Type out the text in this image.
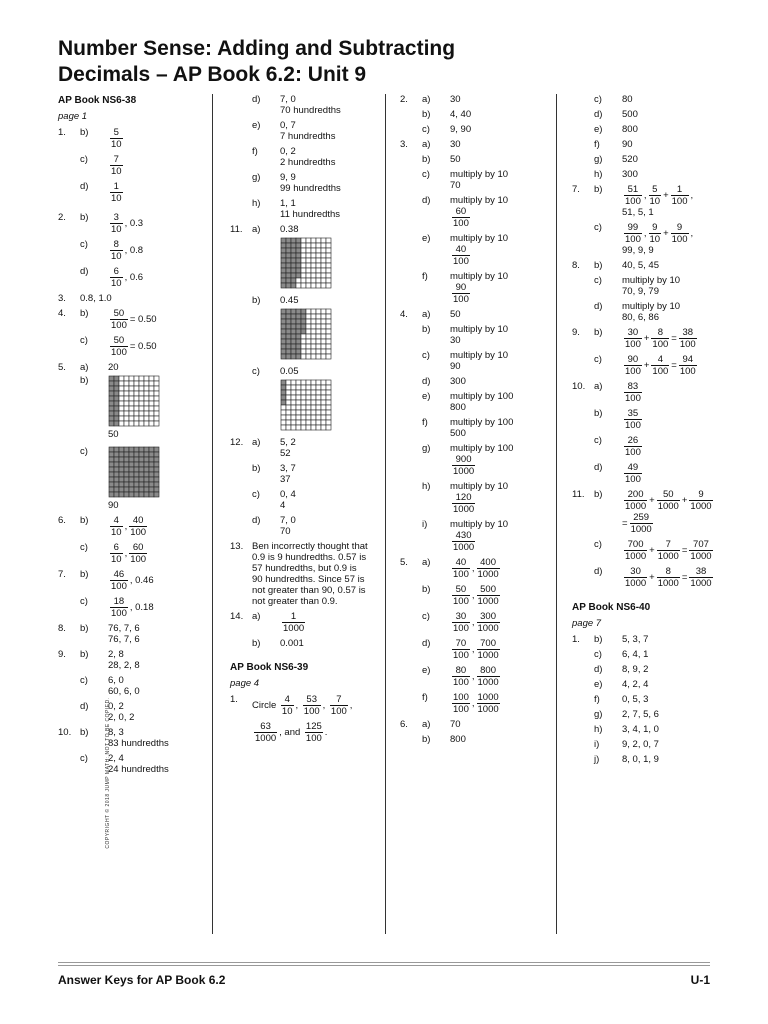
Number Sense: Adding and Subtracting
Decimals – AP Book 6.2: Unit 9
AP Book NS6-38
page 1
1. $b) \frac{5}{10}$
$c) \frac{7}{10}$
$d) \frac{1}{10}$
2. $b) \frac{3}{10}$ , 0.3
$c) \frac{8}{10}$ , 0.8
$d) \frac{6}{10}$ , 0.6
3. 0.8, 1.0
4. $b) \frac{50}{100} = 0.50$
$c) \frac{50}{100} = 0.50$
5. a) 20
b)
50
c)
90
6. $b) \frac{4}{10}$ , $\frac{40}{100}$
$c) \frac{6}{10}$ , $\frac{60}{100}$
7. $b) \frac{46}{100}$ , 0.46
$c) \frac{18}{100}$ , 0.18
8. b) 76, 7, 6
76, 7, 6
9. b) 2, 8
28, 2, 8
c) 6, 0
60, 6, 0
d) 0, 2
2, 0, 2
10. b) 8, 3
83 hundredths
c) 2, 4
24 hundredths
d) 7, 0
70 hundredths
e) 0, 7
7 hundredths
f) 0, 2
2 hundredths
g) 9, 9
99 hundredths
h) 1, 1
11 hundredths
11. a) 0.38
b) 0.45
c) 0.05
12. a) 5, 2
52
b) 3, 7
37
c) 0, 4
4
d) 7, 0
70
13. Ben incorrectly thought that
0.9 is 9 hundredths. 0.57 is
57 hundredths, but 0.9 is
90 hundredths. Since 57 is
not greater than 90, 0.57 is
not greater than 0.9.
14. $a) \frac{1}{1000}$
b) 0.001
AP Book NS6-39
page 4
1.
Circle $\frac{4}{10}$ , $\frac{53}{100}$ , $\frac{7}{100}$ ,
$\frac{63}{1000}$ , and $\frac{125}{100}$ .
2. a) 30
b) 4, 40
c) 9, 90
3. a) 30
b) 50
c) multiply by 10
70
d) multiply by 10
$\frac{60}{100}$
e) multiply by 10
$\frac{40}{100}$
f) multiply by 10
$\frac{90}{100}$
4. a) 50
b) multiply by 10
30
c) multiply by 10
90
d) 300
e) multiply by 100
800
f) multiply by 100
500
g) multiply by 100
$\frac{900}{1000}$
h) multiply by 10
$\frac{120}{1000}$
i) multiply by 10
$\frac{430}{1000}$
5. $a) \frac{40}{100}$ , $\frac{400}{1000}$
$b) \frac{50}{100}$ , $\frac{500}{1000}$
$c) \frac{30}{100}$ , $\frac{300}{1000}$
$d) \frac{70}{100}$ , $\frac{700}{1000}$
$e) \frac{80}{100}$ , $\frac{800}{1000}$
f)	$\frac{100}{100}$ , $\frac{1000}{1000}$
6. a) 70
b) 800
c) 80
d) 500
e) 800
f) 90
g) 520
h) 300
7. $b) \frac{51}{100}$ , $\frac{5}{10} + \frac{1}{100}$ ,
51, 5, 1
$c) \frac{99}{100}$ , $\frac{9}{10} + \frac{9}{100}$ ,
99, 9, 9
8. b) 40, 5, 45
c) multiply by 10
70, 9, 79
d) multiply by 10
80, 6, 86
9. $b) \frac{30}{100} + \frac{8}{100} = \frac{38}{100}$
$c) \frac{90}{100} + \frac{4}{100} = \frac{94}{100}$
10. $a) \frac{83}{100}$
$b) \frac{35}{100}$
$c) \frac{26}{100}$
$d) \frac{49}{100}$
11. $b) \frac{200}{1000} + \frac{50}{1000} + \frac{9}{1000}$
= $\frac{259}{1000}$
$c) \frac{700}{1000} + \frac{7}{1000} = \frac{707}{1000}$
$d) \frac{30}{1000} + \frac{8}{1000} = \frac{38}{1000}$
AP Book NS6-40
page 7
1. b) 5, 3, 7
c) 6, 4, 1
d) 8, 9, 2
e) 4, 2, 4
f) 0, 5, 3
g) 2, 7, 5, 6
h) 3, 4, 1, 0
i) 9, 2, 0, 7
j) 8, 0, 1, 9
COPYRIGHT © 2018 JUMP MATH: NOT TO BE COPIED.
Answer Keys for AP Book 6.2	U-1
